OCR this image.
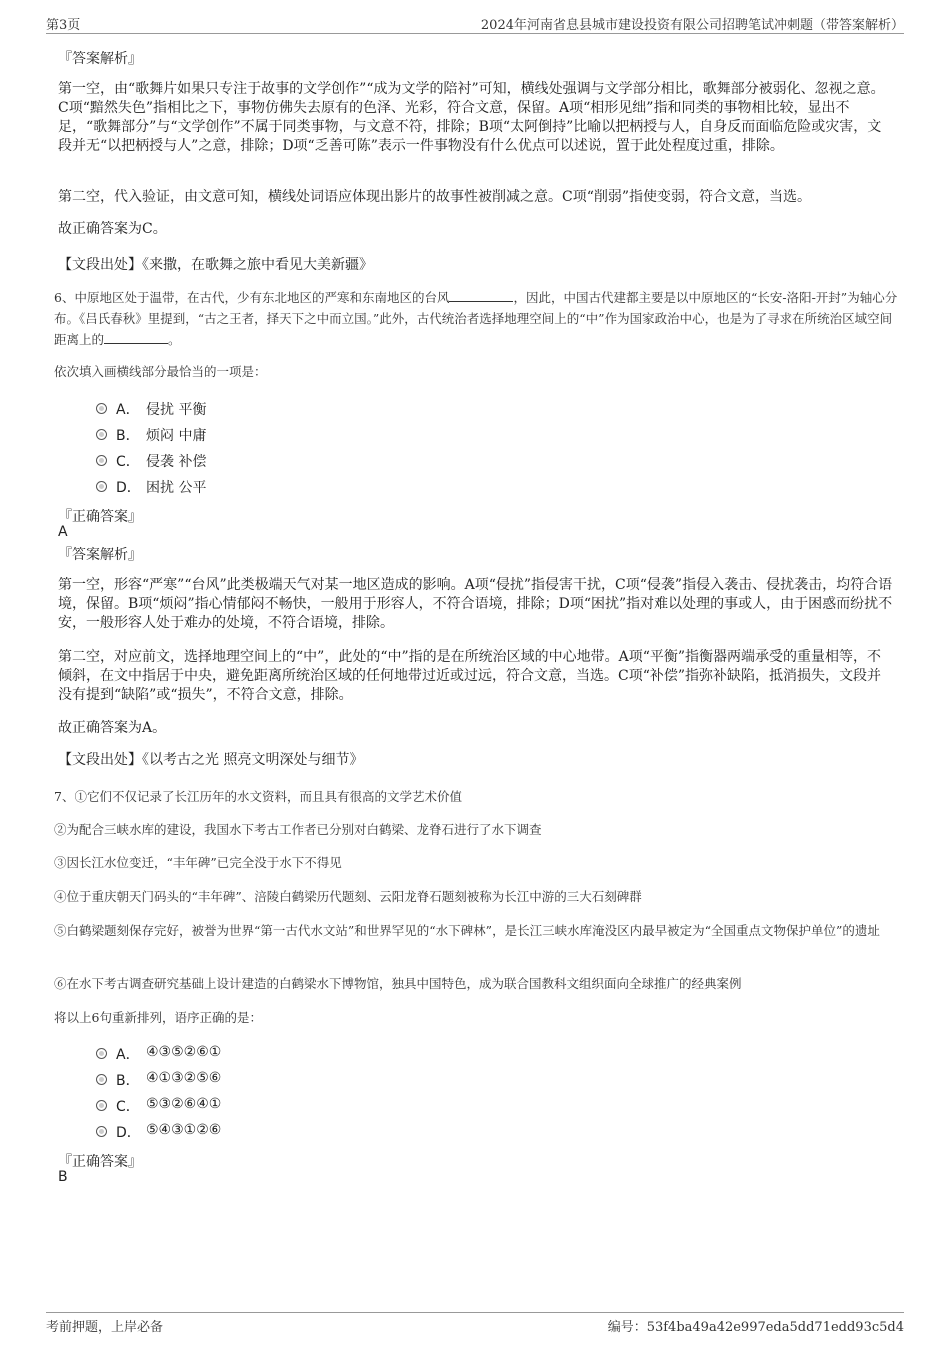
第3页	2024年河南省息县城市建设投资有限公司招聘笔试冲刺题（带答案解析）
『答案解析』
第一空，由“歌舞片如果只专注于故事的文学创作”“成为文学的陪衬”可知，横线处强调与文学部分相比，歌舞部分被弱化、忽视之意。C项“黯然失色”指相比之下，事物仿佛失去原有的色泽、光彩，符合文意，保留。A项“相形见绌”指和同类的事物相比较，显出不足，“歌舞部分”与“文学创作”不属于同类事物，与文意不符，排除；B项“太阿倒持”比喻以把柄授与人，自身反而面临危险或灾害，文段并无“以把柄授与人”之意，排除；D项“乏善可陈”表示一件事物没有什么优点可以述说，置于此处程度过重，排除。
第二空，代入验证，由文意可知，横线处词语应体现出影片的故事性被削减之意。C项“削弱”指使变弱，符合文意，当选。
故正确答案为C。
【文段出处】《来撒，在歌舞之旅中看见大美新疆》
6、中原地区处于温带，在古代，少有东北地区的严寒和东南地区的台风	，因此，中国古代建都主要是以中原地区的“长安-洛阳-开封”为轴心分布。《吕氏春秋》里提到，“古之王者，择天下之中而立国。”此外，古代统治者选择地理空间上的“中”作为国家政治中心，也是为了寻求在所统治区域空间距离上的	。
依次填入画横线部分最恰当的一项是：
A． 侵扰 平衡
B． 烦闷 中庸
C． 侵袭 补偿
D． 困扰 公平
『正确答案』
A
『答案解析』
第一空，形容“严寒”“台风”此类极端天气对某一地区造成的影响。A项“侵扰”指侵害干扰，C项“侵袭”指侵入袭击、侵扰袭击，均符合语境，保留。B项“烦闷”指心情郁闷不畅快，一般用于形容人，不符合语境，排除；D项“困扰”指对难以处理的事或人，由于困惑而纷扰不安，一般形容人处于难办的处境，不符合语境，排除。
第二空，对应前文，选择地理空间上的“中”，此处的“中”指的是在所统治区域的中心地带。A项“平衡”指衡器两端承受的重量相等，不倾斜，在文中指居于中央，避免距离所统治区域的任何地带过近或过远，符合文意，当选。C项“补偿”指弥补缺陷，抵消损失，文段并没有提到“缺陷”或“损失”，不符合文意，排除。
故正确答案为A。
【文段出处】《以考古之光 照亮文明深处与细节》
7、①它们不仅记录了长江历年的水文资料，而且具有很高的文学艺术价值
②为配合三峡水库的建设，我国水下考古工作者已分别对白鹤梁、龙脊石进行了水下调查
③因长江水位变迁，“丰年碑”已完全没于水下不得见
④位于重庆朝天门码头的“丰年碑”、涪陵白鹤梁历代题刻、云阳龙脊石题刻被称为长江中游的三大石刻碑群
⑤白鹤梁题刻保存完好，被誉为世界“第一古代水文站”和世界罕见的“水下碑林”，是长江三峡水库淹没区内最早被定为“全国重点文物保护单位”的遗址
⑥在水下考古调查研究基础上设计建造的白鹤梁水下博物馆，独具中国特色，成为联合国教科文组织面向全球推广的经典案例
将以上6句重新排列，语序正确的是：
A． ④③⑤②⑥①
B． ④①③②⑤⑥
C． ⑤③②⑥④①
D． ⑤④③①②⑥
『正确答案』
B
考前押题，上岸必备	编号：53f4ba49a42e997eda5dd71edd93c5d4
